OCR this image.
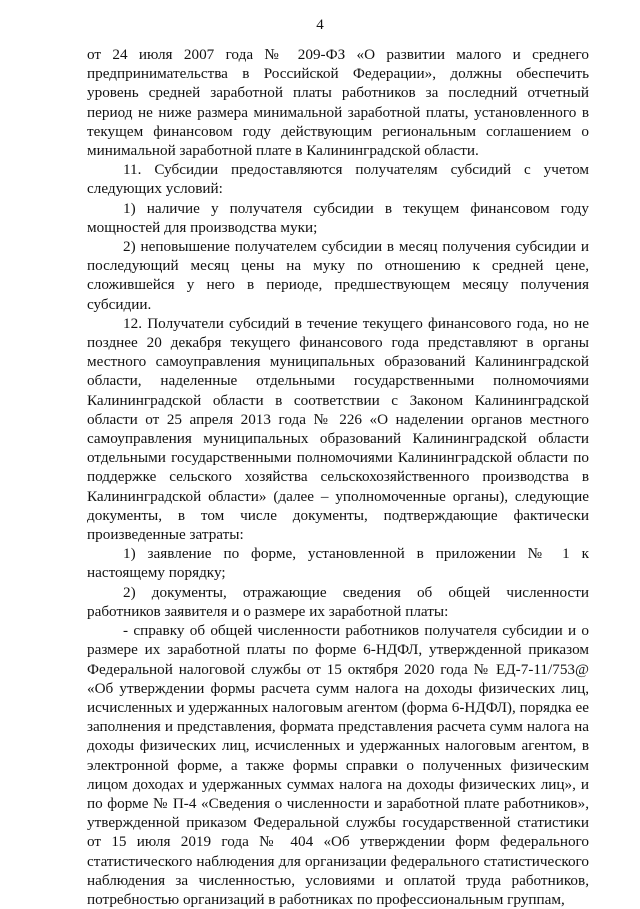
4

от 24 июля 2007 года № 209-ФЗ «О развитии малого и среднего предпринимательства в Российской Федерации», должны обеспечить уровень средней заработной платы работников за последний отчетный период не ниже размера минимальной заработной платы, установленного в текущем финансовом году действующим региональным соглашением о минимальной заработной плате в Калининградской области.

11. Субсидии предоставляются получателям субсидий с учетом следующих условий:

1) наличие у получателя субсидии в текущем финансовом году мощностей для производства муки;

2) неповышение получателем субсидии в месяц получения субсидии и последующий месяц цены на муку по отношению к средней цене, сложившейся у него в периоде, предшествующем месяцу получения субсидии.

12. Получатели субсидий в течение текущего финансового года, но не позднее 20 декабря текущего финансового года представляют в органы местного самоуправления муниципальных образований Калининградской области, наделенные отдельными государственными полномочиями Калининградской области в соответствии с Законом Калининградской области от 25 апреля 2013 года № 226 «О наделении органов местного самоуправления муниципальных образований Калининградской области отдельными государственными полномочиями Калининградской области по поддержке сельского хозяйства сельскохозяйственного производства в Калининградской области» (далее – уполномоченные органы), следующие документы, в том числе документы, подтверждающие фактически произведенные затраты:

1) заявление по форме, установленной в приложении № 1 к настоящему порядку;

2) документы, отражающие сведения об общей численности работников заявителя и о размере их заработной платы:

- справку об общей численности работников получателя субсидии и о размере их заработной платы по форме 6-НДФЛ, утвержденной приказом Федеральной налоговой службы от 15 октября 2020 года № ЕД-7-11/753@ «Об утверждении формы расчета сумм налога на доходы физических лиц, исчисленных и удержанных налоговым агентом (форма 6-НДФЛ), порядка ее заполнения и представления, формата представления расчета сумм налога на доходы физических лиц, исчисленных и удержанных налоговым агентом, в электронной форме, а также формы справки о полученных физическим лицом доходах и удержанных суммах налога на доходы физических лиц», и по форме № П-4 «Сведения о численности и заработной плате работников», утвержденной приказом Федеральной службы государственной статистики от 15 июля 2019 года № 404 «Об утверждении форм федерального статистического наблюдения для организации федерального статистического наблюдения за численностью, условиями и оплатой труда работников, потребностью организаций в работниках по профессиональным группам,
